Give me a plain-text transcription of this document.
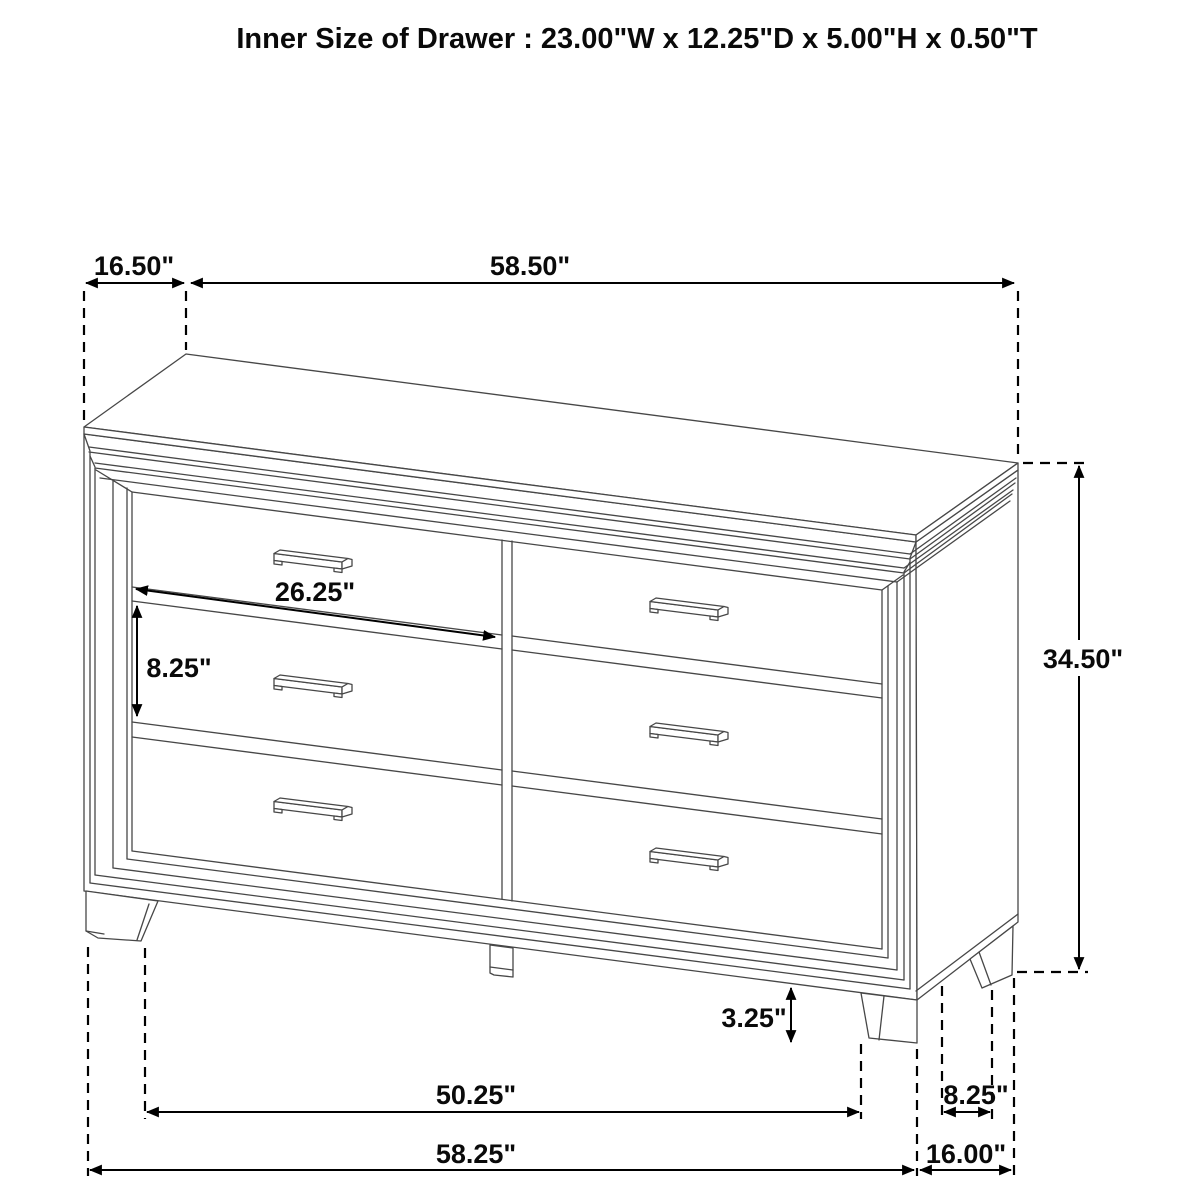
Inner Size of Drawer : 23.00"W x 12.25"D x 5.00"H x 0.50"T
16.50"	58.50"
34.50"
26.25"
8.25"
3.25"
50.25"
58.25"
8.25"
16.00"
